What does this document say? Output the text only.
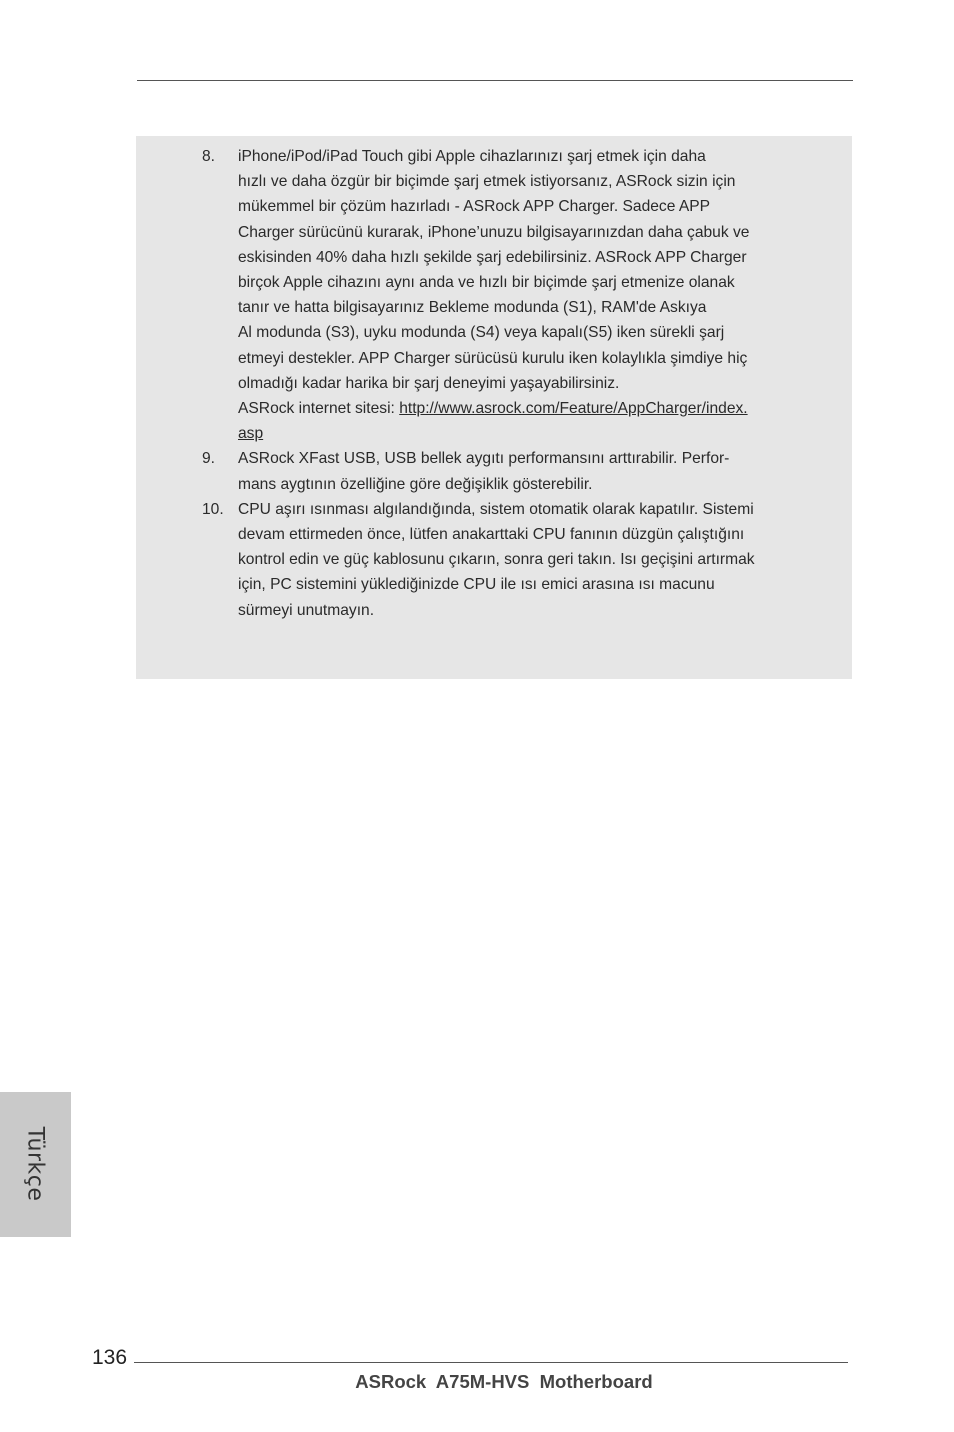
8. iPhone/iPod/iPad Touch gibi Apple cihazlarınızı şarj etmek için daha
hızlı ve daha özgür bir biçimde şarj etmek istiyorsanız, ASRock sizin için
mükemmel bir çözüm hazırladı - ASRock APP Charger. Sadece APP
Charger sürücünü kurarak, iPhone’unuzu bilgisayarınızdan daha çabuk ve
eskisinden 40% daha hızlı şekilde şarj edebilirsiniz. ASRock APP Charger
birçok Apple cihazını aynı anda ve hızlı bir biçimde şarj etmenize olanak
tanır ve hatta bilgisayarınız Bekleme modunda (S1), RAM'de Askıya
Al modunda (S3), uyku modunda (S4) veya kapalı(S5) iken sürekli şarj
etmeyi destekler. APP Charger sürücüsü kurulu iken kolaylıkla şimdiye hiç
olmadığı kadar harika bir şarj deneyimi yaşayabilirsiniz.
ASRock internet sitesi: http://www.asrock.com/Feature/AppCharger/index.
asp
9. ASRock XFast USB, USB bellek aygıtı performansını arttırabilir. Perfor-
mans aygtının özelliğine göre değişiklik gösterebilir.
10. CPU aşırı ısınması algılandığında, sistem otomatik olarak kapatılır. Sistemi
devam ettirmeden önce, lütfen anakarttaki CPU fanının düzgün çalıştığını
kontrol edin ve güç kablosunu çıkarın, sonra geri takın. Isı geçişini artırmak
için, PC sistemini yüklediğinizde CPU ile ısı emici arasına ısı macunu
sürmeyi unutmayın.
Türkçe
136
ASRock  A75M-HVS  Motherboard
